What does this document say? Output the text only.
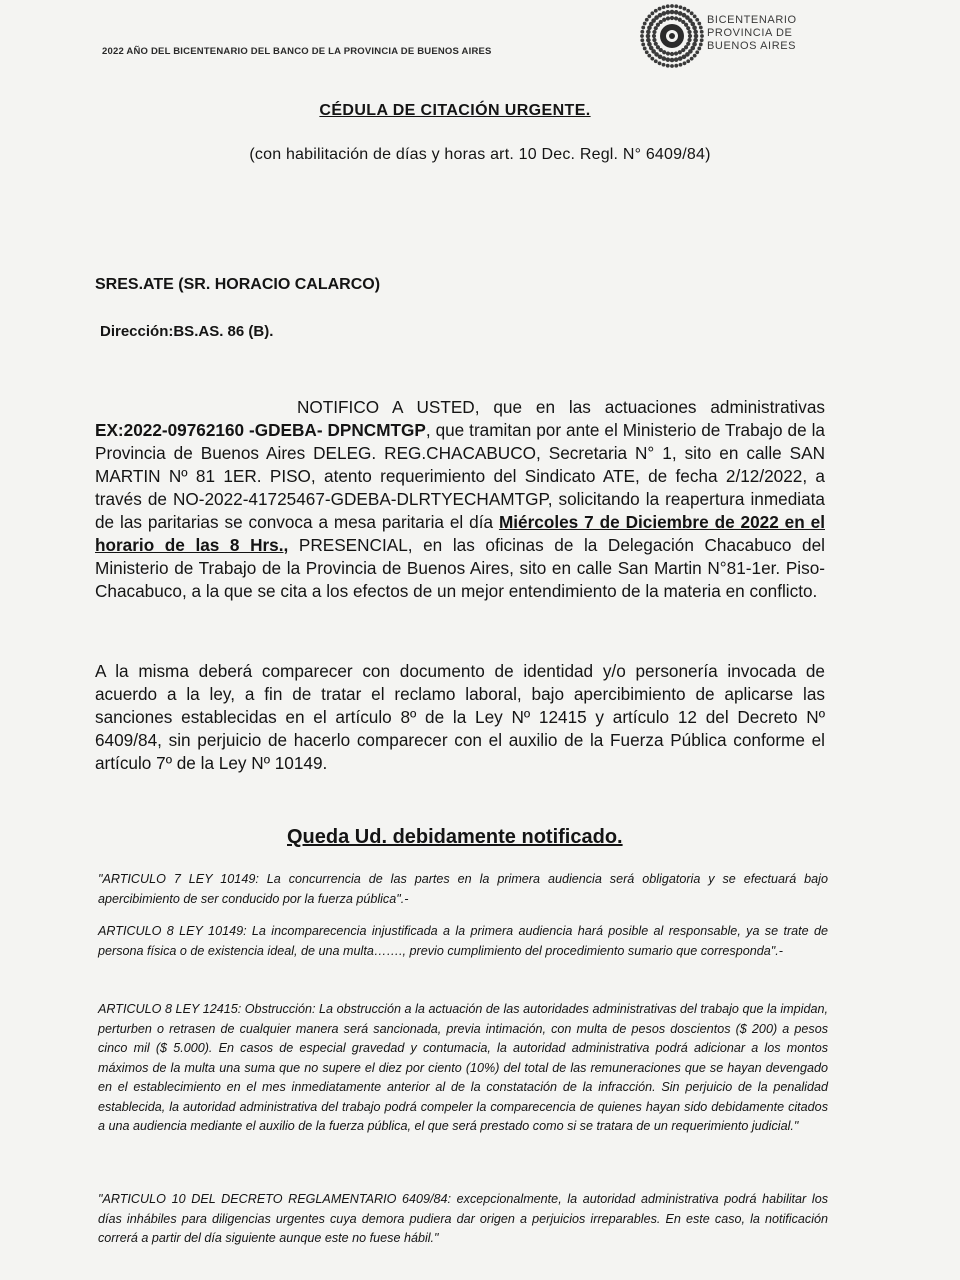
2022 AÑO DEL BICENTENARIO DEL BANCO DE LA PROVINCIA DE BUENOS AIRES
BICENTENARIO
PROVINCIA DE
BUENOS AIRES
CÉDULA DE CITACIÓN URGENTE.
(con habilitación de días y horas art. 10 Dec. Regl. N° 6409/84)
SRES.ATE (SR. HORACIO CALARCO)
Dirección:BS.AS. 86 (B).
NOTIFICO A USTED, que en las actuaciones administrativas EX:2022-09762160 -GDEBA- DPNCMTGP, que tramitan por ante el Ministerio de Trabajo de la Provincia de Buenos Aires DELEG. REG.CHACABUCO, Secretaria N° 1, sito en calle SAN MARTIN Nº 81 1ER. PISO, atento requerimiento del Sindicato ATE, de fecha 2/12/2022, a través de NO-2022-41725467-GDEBA-DLRTYECHAMTGP, solicitando la reapertura inmediata de las paritarias se convoca a mesa paritaria el día Miércoles 7 de Diciembre de 2022 en el horario de las 8 Hrs., PRESENCIAL, en las oficinas de la Delegación Chacabuco del Ministerio de Trabajo de la Provincia de Buenos Aires, sito en calle San Martin N°81-1er. Piso-Chacabuco, a la que se cita a los efectos de un mejor entendimiento de la materia en conflicto.
A la misma deberá comparecer con documento de identidad y/o personería invocada de acuerdo a la ley, a fin de tratar el reclamo laboral, bajo apercibimiento de aplicarse las sanciones establecidas en el artículo 8º de la Ley Nº 12415 y artículo 12 del Decreto Nº 6409/84, sin perjuicio de hacerlo comparecer con el auxilio de la Fuerza Pública conforme el artículo 7º de la Ley Nº 10149.
Queda Ud. debidamente notificado.
"ARTICULO 7 LEY 10149: La concurrencia de las partes en la primera audiencia será obligatoria y se efectuará bajo apercibimiento de ser conducido por la fuerza pública".-
ARTICULO 8 LEY 10149: La incomparecencia injustificada a la primera audiencia hará posible al responsable, ya se trate de persona física o de existencia ideal, de una multa……., previo cumplimiento del procedimiento sumario que corresponda".-
ARTICULO 8 LEY 12415: Obstrucción: La obstrucción a la actuación de las autoridades administrativas del trabajo que la impidan, perturben o retrasen de cualquier manera será sancionada, previa intimación, con multa de pesos doscientos ($ 200) a pesos cinco mil ($ 5.000). En casos de especial gravedad y contumacia, la autoridad administrativa podrá adicionar a los montos máximos de la multa una suma que no supere el diez por ciento (10%) del total de las remuneraciones que se hayan devengado en el establecimiento en el mes inmediatamente anterior al de la constatación de la infracción. Sin perjuicio de la penalidad establecida, la autoridad administrativa del trabajo podrá compeler la comparecencia de quienes hayan sido debidamente citados a una audiencia mediante el auxilio de la fuerza pública, el que será prestado como si se tratara de un requerimiento judicial."
"ARTICULO 10 DEL DECRETO REGLAMENTARIO 6409/84: excepcionalmente, la autoridad administrativa podrá habilitar los días inhábiles para diligencias urgentes cuya demora pudiera dar origen a perjuicios irreparables. En este caso, la notificación correrá a partir del día siguiente aunque este no fuese hábil."
